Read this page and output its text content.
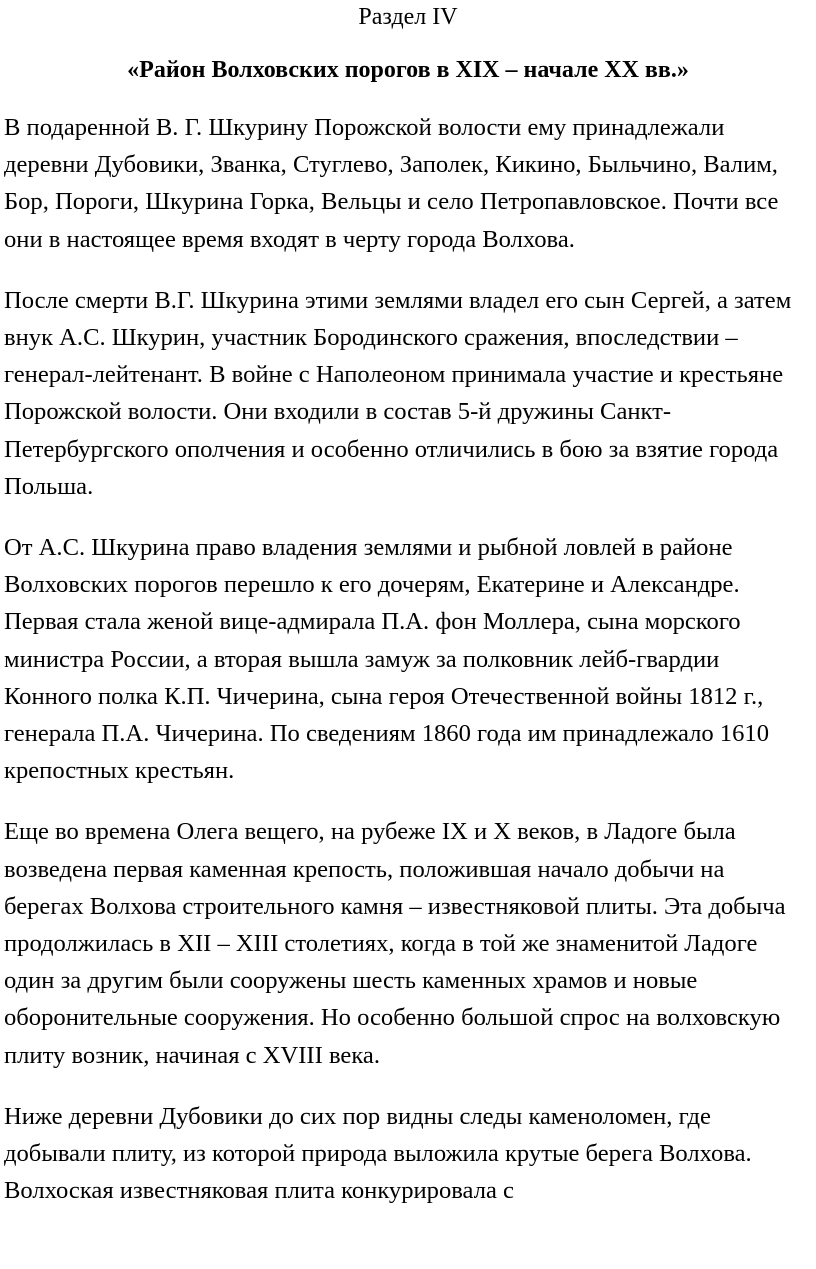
Раздел IV
«Район Волховских порогов в XIX – начале XX вв.»

В подаренной В. Г. Шкурину Порожской волости ему принадлежали деревни Дубовики, Званка, Стуглево, Заполек, Кикино, Быльчино, Валим, Бор, Пороги, Шкурина Горка, Вельцы и село Петропавловское. Почти все они в настоящее время входят в черту города Волхова.

После смерти В.Г. Шкурина этими землями владел его сын Сергей, а затем внук А.С. Шкурин, участник Бородинского сражения, впоследствии – генерал-лейтенант. В войне с Наполеоном принимала участие и крестьяне Порожской волости. Они входили в состав 5-й дружины Санкт-Петербургского ополчения и особенно отличились в бою за взятие города Польша.

От А.С. Шкурина право владения землями и рыбной ловлей в районе Волховских порогов перешло к его дочерям, Екатерине и Александре. Первая стала женой вице-адмирала П.А. фон Моллера, сына морского министра России, а вторая вышла замуж за полковник лейб-гвардии Конного полка К.П. Чичерина, сына героя Отечественной войны 1812 г., генерала П.А. Чичерина. По сведениям 1860 года им принадлежало 1610 крепостных крестьян.

Еще во времена Олега вещего, на рубеже IX и X веков, в Ладоге была возведена первая каменная крепость, положившая начало добычи на берегах Волхова строительного камня – известняковой плиты. Эта добыча продолжилась в XII – XIII столетиях, когда в той же знаменитой Ладоге один за другим были сооружены шесть каменных храмов и новые оборонительные сооружения. Но особенно большой спрос на волховскую плиту возник, начиная с XVIII века.

Ниже деревни Дубовики до сих пор видны следы каменоломен, где добывали плиту, из которой природа выложила крутые берега Волхова. Волхоская известняковая плита конкурировала с
